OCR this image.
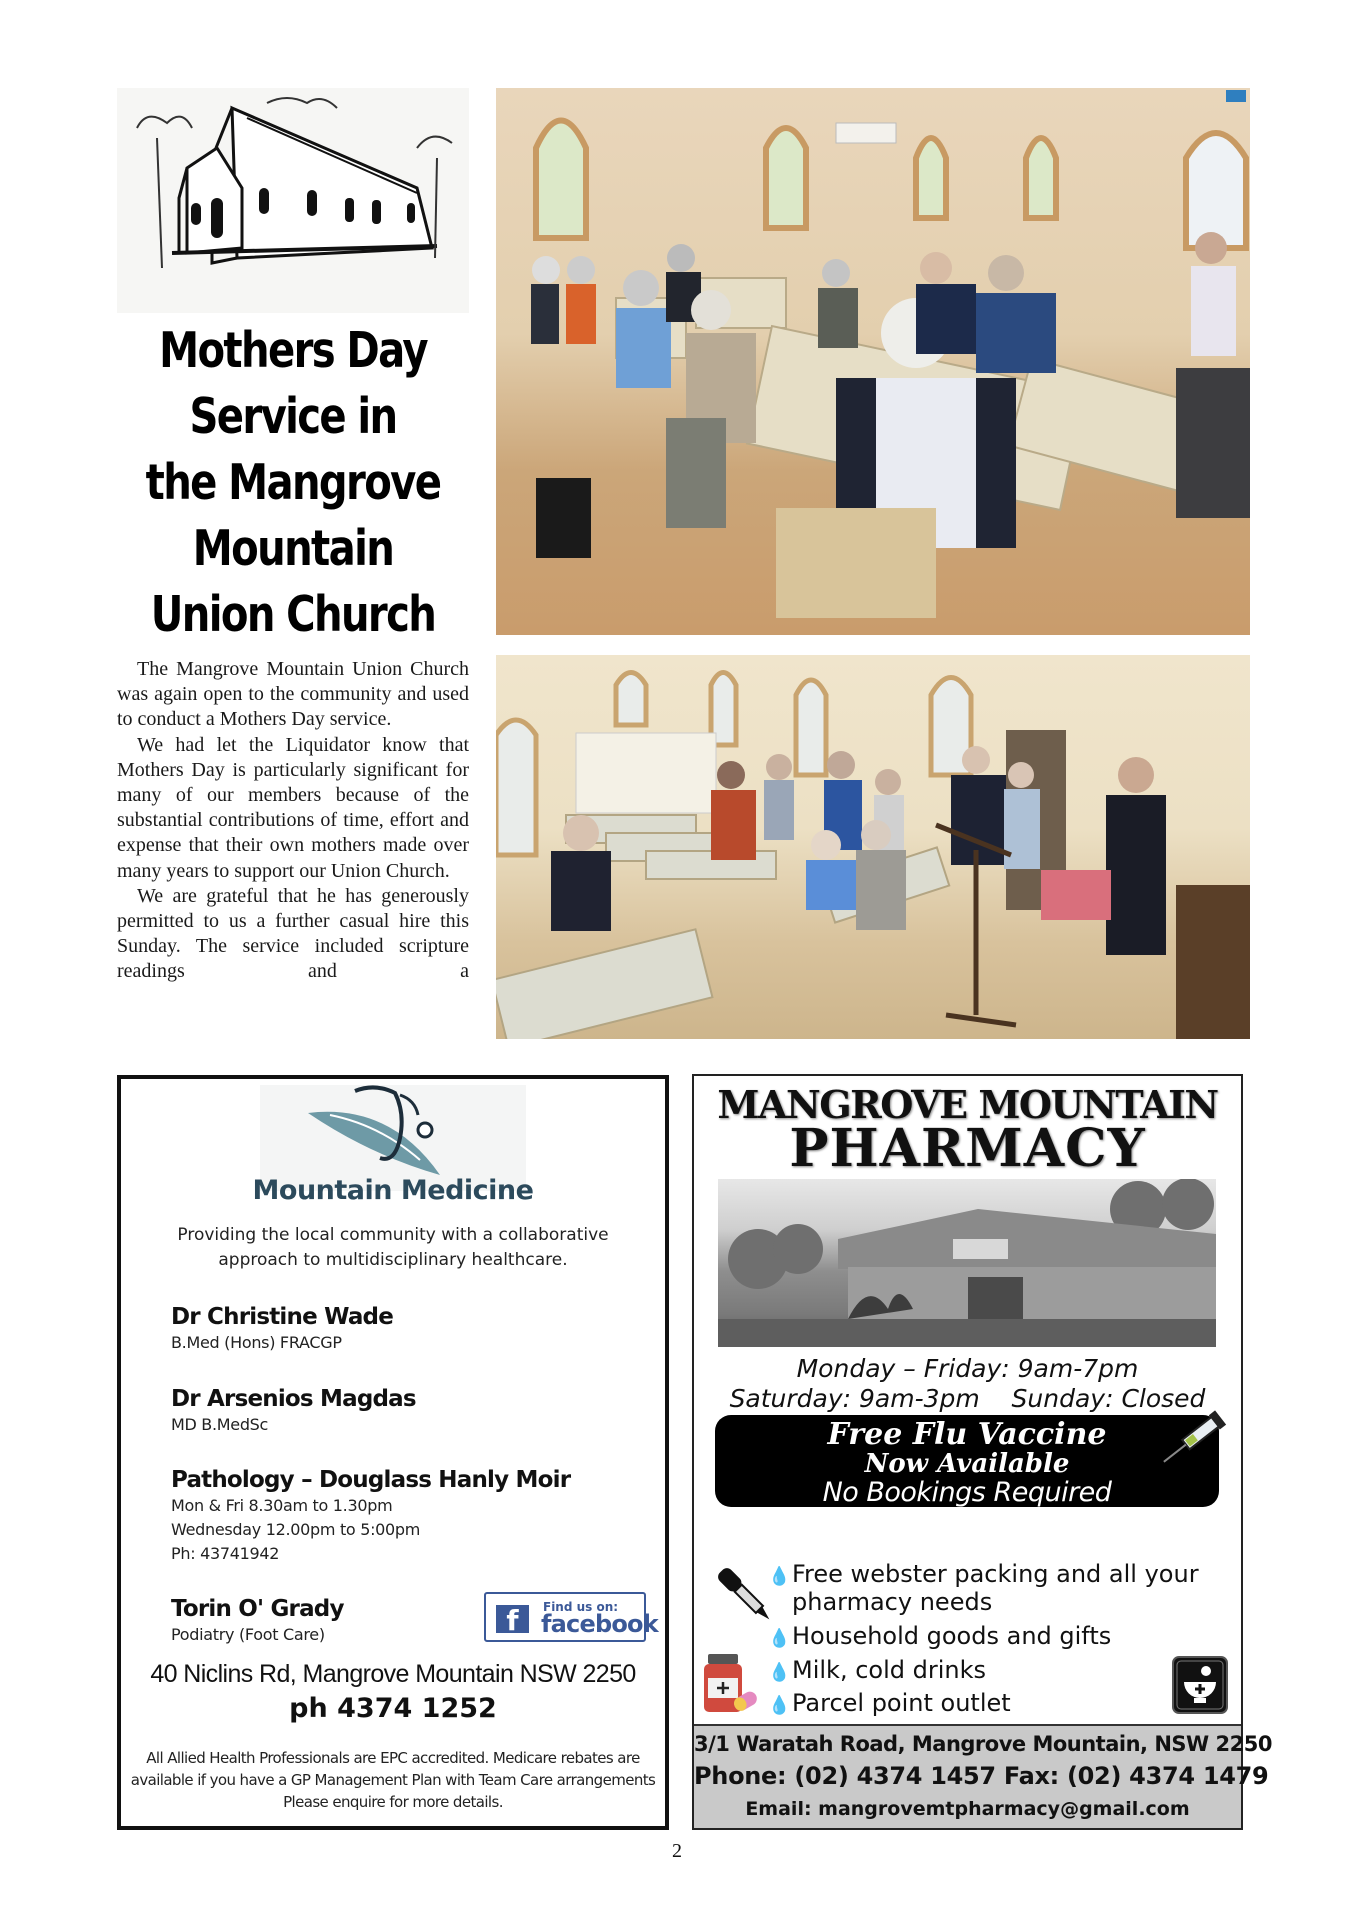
Mothers Day
Service in
the Mangrove
Mountain
Union Church

The Mangrove Mountain Union Church was again open to the community and used to conduct a Mothers Day service.

We had let the Liquidator know that Mothers Day is particularly significant for many of our members because of the substantial contributions of time, effort and expense that their own mothers made over many years to support our Union Church.

We are grateful that he has generously permitted to us a further casual hire this Sunday. The service included scripture readings and a

Mountain Medicine
Providing the local community with a collaborative
approach to multidisciplinary healthcare.
Dr Christine Wade
B.Med (Hons) FRACGP
Dr Arsenios Magdas
MD B.MedSc
Pathology – Douglass Hanly Moir
Mon & Fri 8.30am to 1.30pm
Wednesday 12.00pm to 5:00pm
Ph: 43741942
Torin O' Grady
Podiatry (Foot Care)	f	Find us on:
facebook
40 Niclins Rd, Mangrove Mountain NSW 2250
ph 4374 1252
All Allied Health Professionals are EPC accredited. Medicare rebates are
available if you have a GP Management Plan with Team Care arrangements
Please enquire for more details.
MANGROVE MOUNTAIN
PHARMACY
Monday – Friday: 9am-7pm
Saturday: 9am-3pm    Sunday: Closed
Free Flu Vaccine
Now Available
No Bookings Required
💧Free webster packing and all your
pharmacy needs
💧Household goods and gifts
💧Milk, cold drinks
💧Parcel point outlet
3/1 Waratah Road, Mangrove Mountain, NSW 2250
Phone: (02) 4374 1457 Fax: (02) 4374 1479
Email: mangrovemtpharmacy@gmail.com
2
